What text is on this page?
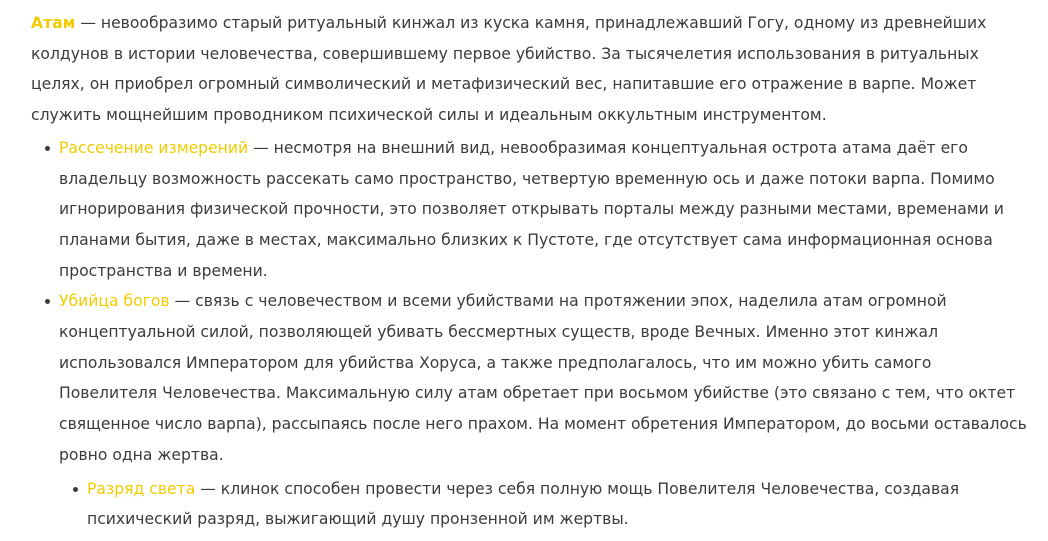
Атам — невообразимо старый ритуальный кинжал из куска камня, принадлежавший Гогу, одному из древнейших колдунов в истории человечества, совершившему первое убийство. За тысячелетия использования в ритуальных целях, он приобрел огромный символический и метафизический вес, напитавшие его отражение в варпе. Может служить мощнейшим проводником психической силы и идеальным оккультным инструментом.

Рассечение измерений — несмотря на внешний вид, невообразимая концептуальная острота атама даёт его владельцу возможность рассекать само пространство, четвертую временную ось и даже потоки варпа. Помимо игнорирования физической прочности, это позволяет открывать порталы между разными местами, временами и планами бытия, даже в местах, максимально близких к Пустоте, где отсутствует сама информационная основа пространства и времени.
Убийца богов — связь с человечеством и всеми убийствами на протяжении эпох, наделила атам огромной концептуальной силой, позволяющей убивать бессмертных существ, вроде Вечных. Именно этот кинжал использовался Императором для убийства Хоруса, а также предполагалось, что им можно убить самого Повелителя Человечества. Максимальную силу атам обретает при восьмом убийстве (это связано с тем, что октет священное число варпа), рассыпаясь после него прахом. На момент обретения Императором, до восьми оставалось ровно одна жертва.
Разряд света — клинок способен провести через себя полную мощь Повелителя Человечества, создавая психический разряд, выжигающий душу пронзенной им жертвы.
